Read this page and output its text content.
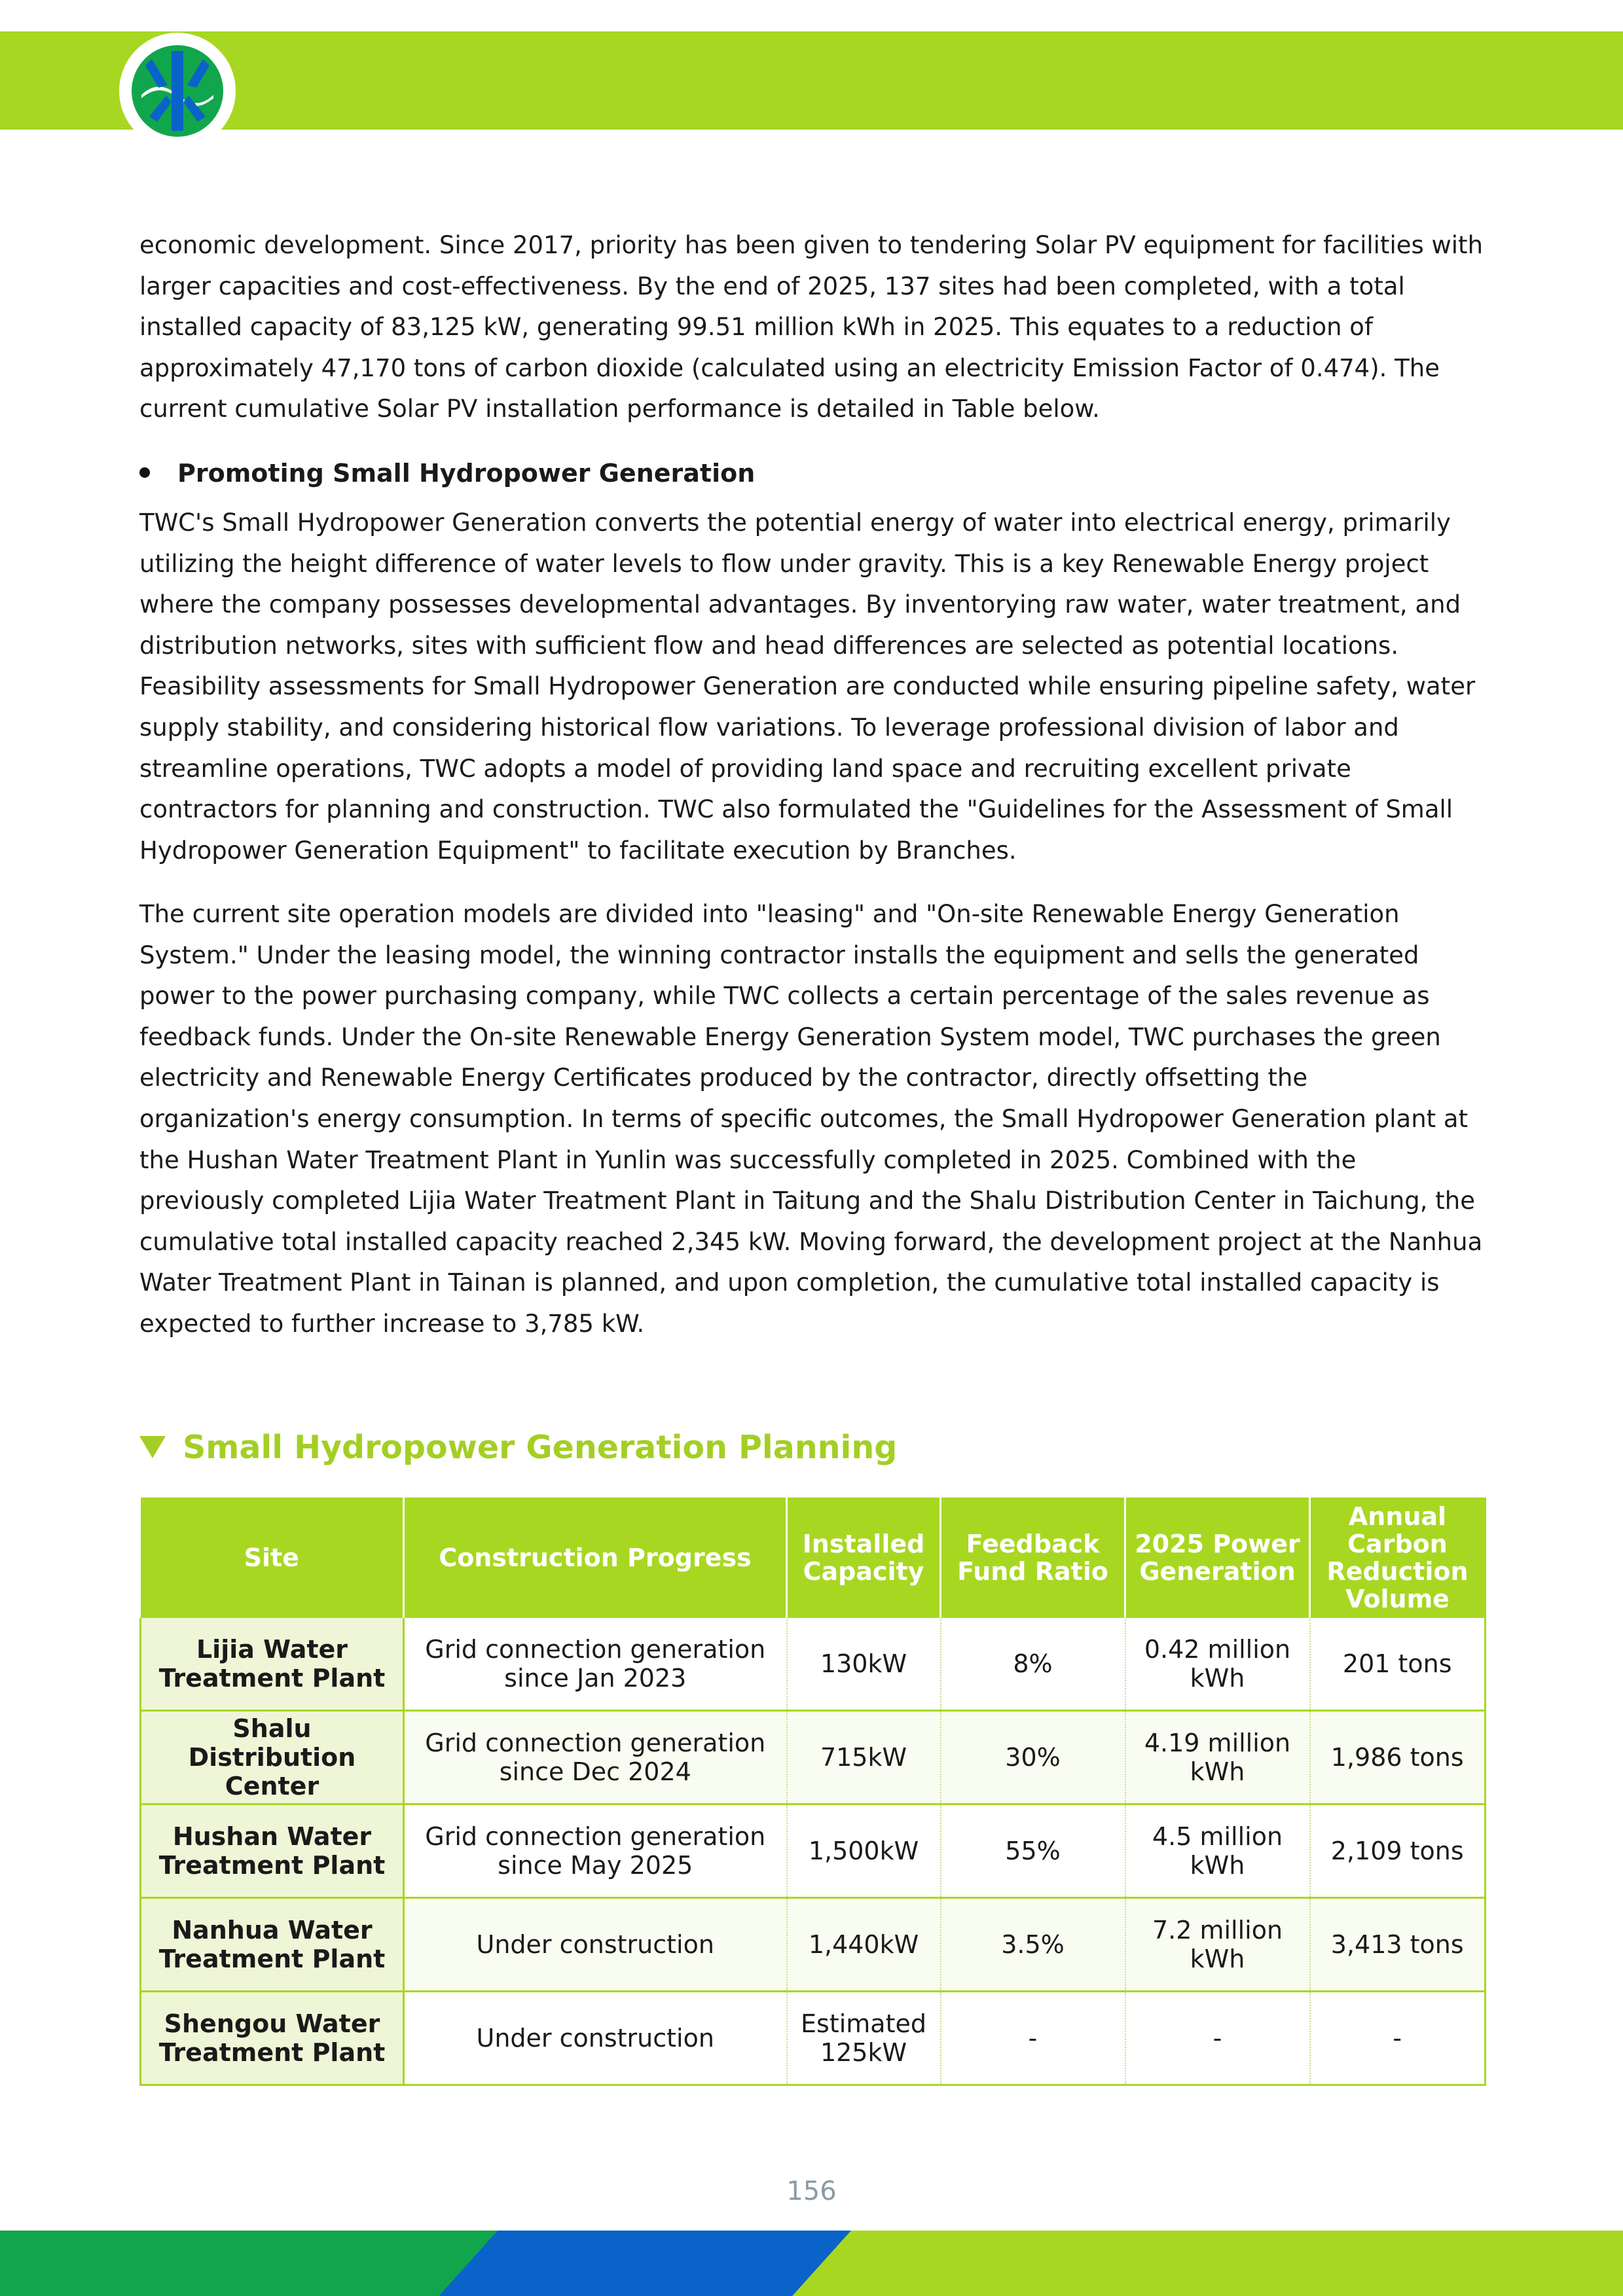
economic development. Since 2017, priority has been given to tendering Solar PV equipment for facilities with larger capacities and cost-effectiveness. By the end of 2025, 137 sites had been completed, with a total installed capacity of 83,125 kW, generating 99.51 million kWh in 2025. This equates to a reduction of approximately 47,170 tons of carbon dioxide (calculated using an electricity Emission Factor of 0.474). The current cumulative Solar PV installation performance is detailed in Table below.

Promoting Small Hydropower Generation

TWC's Small Hydropower Generation converts the potential energy of water into electrical energy, primarily utilizing the height difference of water levels to flow under gravity. This is a key Renewable Energy project where the company possesses developmental advantages. By inventorying raw water, water treatment, and distribution networks, sites with sufficient flow and head differences are selected as potential locations. Feasibility assessments for Small Hydropower Generation are conducted while ensuring pipeline safety, water supply stability, and considering historical flow variations. To leverage professional division of labor and streamline operations, TWC adopts a model of providing land space and recruiting excellent private contractors for planning and construction. TWC also formulated the "Guidelines for the Assessment of Small Hydropower Generation Equipment" to facilitate execution by Branches.

The current site operation models are divided into "leasing" and "On-site Renewable Energy Generation System." Under the leasing model, the winning contractor installs the equipment and sells the generated power to the power purchasing company, while TWC collects a certain percentage of the sales revenue as feedback funds. Under the On-site Renewable Energy Generation System model, TWC purchases the green electricity and Renewable Energy Certificates produced by the contractor, directly offsetting the organization's energy consumption. In terms of specific outcomes, the Small Hydropower Generation plant at the Hushan Water Treatment Plant in Yunlin was successfully completed in 2025. Combined with the previously completed Lijia Water Treatment Plant in Taitung and the Shalu Distribution Center in Taichung, the cumulative total installed capacity reached 2,345 kW. Moving forward, the development project at the Nanhua Water Treatment Plant in Tainan is planned, and upon completion, the cumulative total installed capacity is expected to further increase to 3,785 kW.

Small Hydropower Generation Planning
Site	Construction Progress	Installed Capacity	Feedback Fund Ratio	2025 Power Generation	Annual Carbon Reduction Volume
Lijia Water Treatment Plant	Grid connection generation since Jan 2023	130kW	8%	0.42 million kWh	201 tons
Shalu Distribution Center	Grid connection generation since Dec 2024	715kW	30%	4.19 million kWh	1,986 tons
Hushan Water Treatment Plant	Grid connection generation since May 2025	1,500kW	55%	4.5 million kWh	2,109 tons
Nanhua Water Treatment Plant	Under construction	1,440kW	3.5%	7.2 million kWh	3,413 tons
Shengou Water Treatment Plant	Under construction	Estimated 125kW	-	-	-
156
